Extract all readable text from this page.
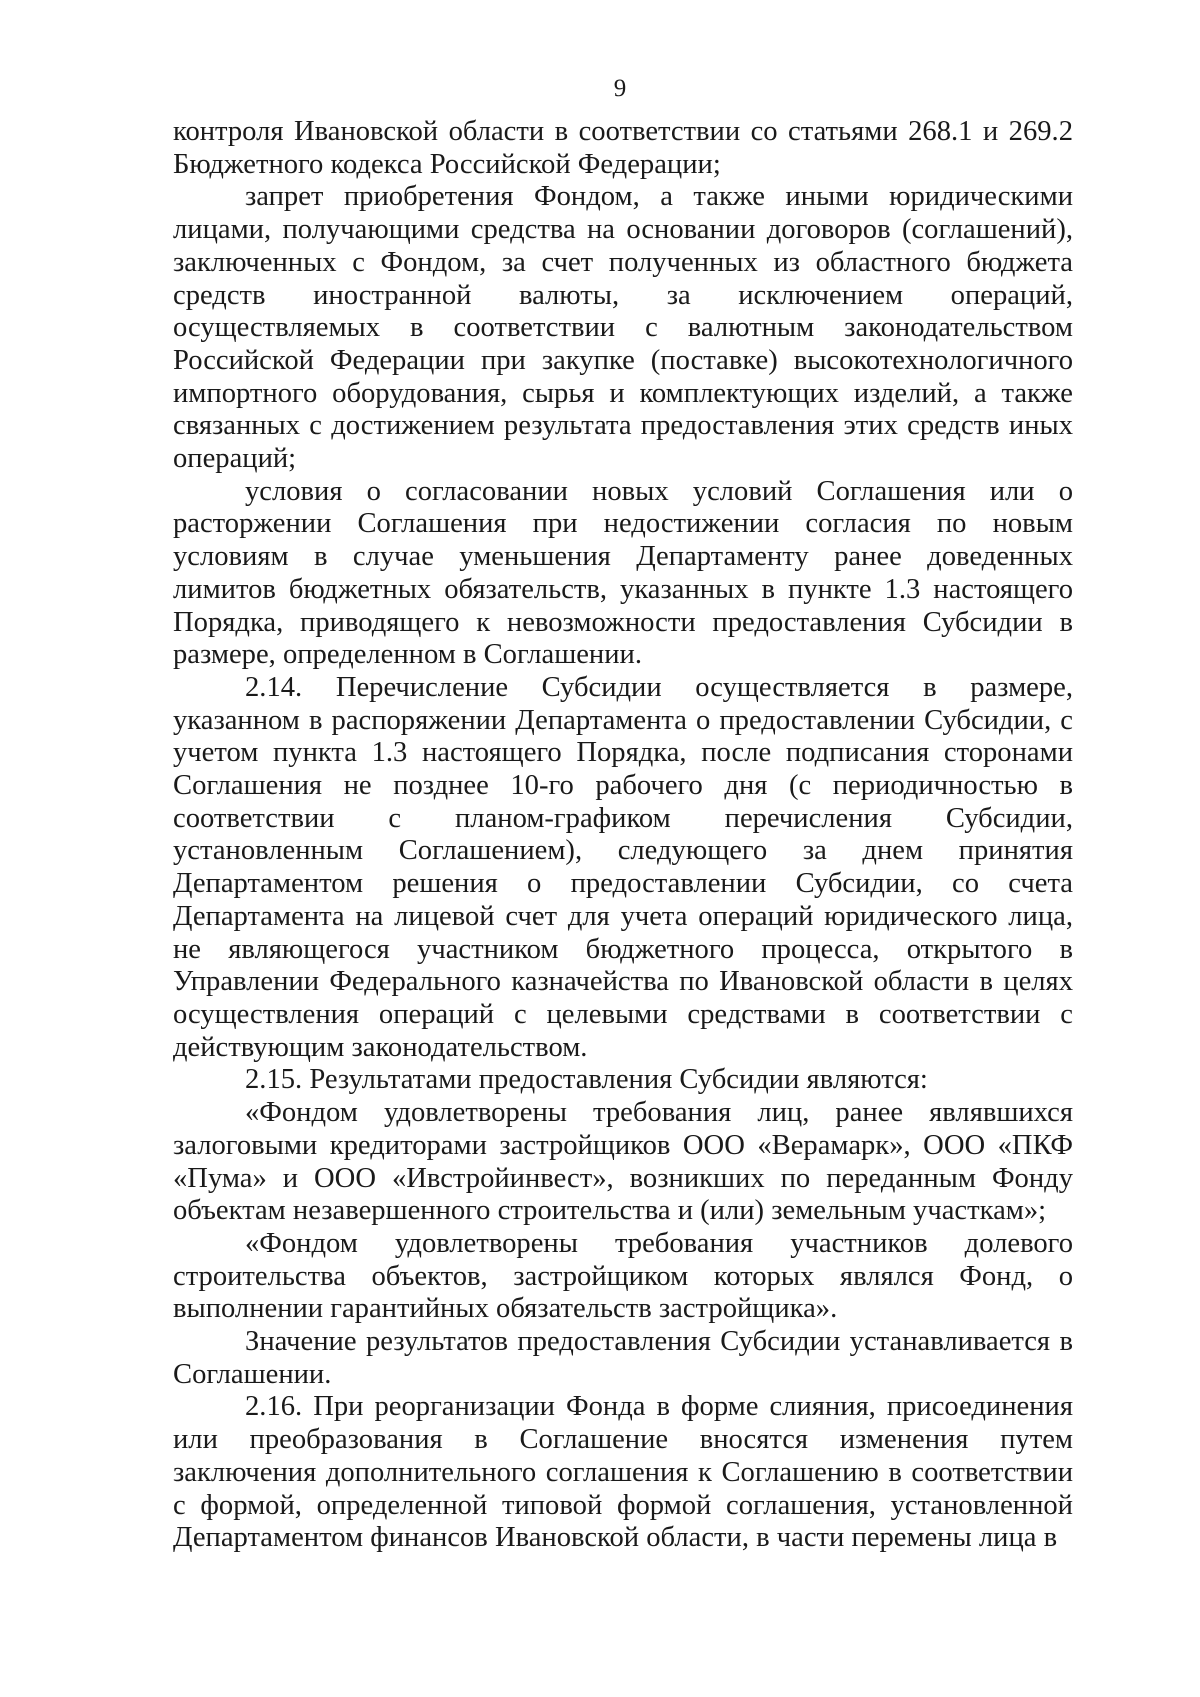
9

контроля Ивановской области в соответствии со статьями 268.1 и 269.2 Бюджетного кодекса Российской Федерации;

запрет приобретения Фондом, а также иными юридическими лицами, получающими средства на основании договоров (соглашений), заключенных с Фондом, за счет полученных из областного бюджета средств иностранной валюты, за исключением операций, осуществляемых в соответствии с валютным законодательством Российской Федерации при закупке (поставке) высокотехнологичного импортного оборудования, сырья и комплектующих изделий, а также связанных с достижением результата предоставления этих средств иных операций;

условия о согласовании новых условий Соглашения или о расторжении Соглашения при недостижении согласия по новым условиям в случае уменьшения Департаменту ранее доведенных лимитов бюджетных обязательств, указанных в пункте 1.3 настоящего Порядка, приводящего к невозможности предоставления Субсидии в размере, определенном в Соглашении.

2.14. Перечисление Субсидии осуществляется в размере, указанном в распоряжении Департамента о предоставлении Субсидии, с учетом пункта 1.3 настоящего Порядка, после подписания сторонами Соглашения не позднее 10-го рабочего дня (с периодичностью в соответствии с планом-графиком перечисления Субсидии, установленным Соглашением), следующего за днем принятия Департаментом решения о предоставлении Субсидии, со счета Департамента на лицевой счет для учета операций юридического лица, не являющегося участником бюджетного процесса, открытого в Управлении Федерального казначейства по Ивановской области в целях осуществления операций с целевыми средствами в соответствии с действующим законодательством.

2.15. Результатами предоставления Субсидии являются:

«Фондом удовлетворены требования лиц, ранее являвшихся залоговыми кредиторами застройщиков ООО «Верамарк», ООО «ПКФ «Пума» и ООО «Ивстройинвест», возникших по переданным Фонду объектам незавершенного строительства и (или) земельным участкам»;

«Фондом удовлетворены требования участников долевого строительства объектов, застройщиком которых являлся Фонд, о выполнении гарантийных обязательств застройщика».

Значение результатов предоставления Субсидии устанавливается в Соглашении.

2.16. При реорганизации Фонда в форме слияния, присоединения или преобразования в Соглашение вносятся изменения путем заключения дополнительного соглашения к Соглашению в соответствии с формой, определенной типовой формой соглашения, установленной Департаментом финансов Ивановской области, в части перемены лица в
